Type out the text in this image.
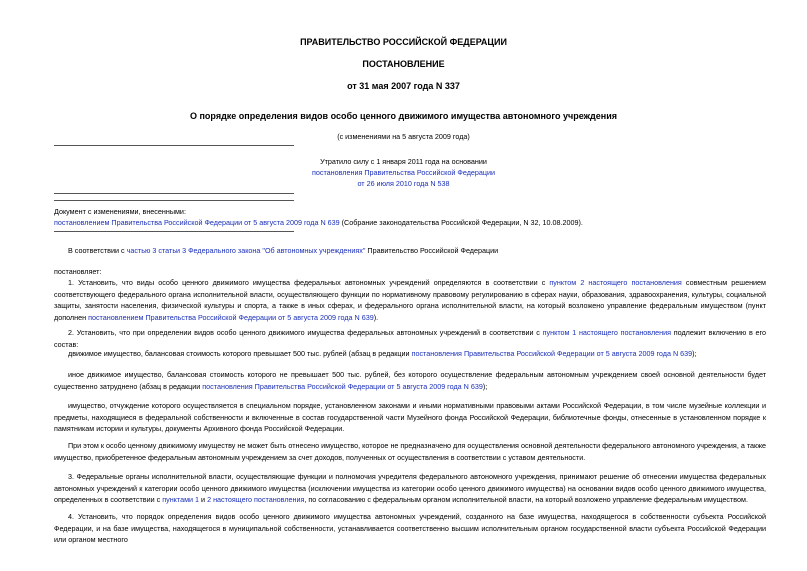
ПРАВИТЕЛЬСТВО РОССИЙСКОЙ ФЕДЕРАЦИИ
ПОСТАНОВЛЕНИЕ
от 31 мая 2007 года N 337
О порядке определения видов особо ценного движимого имущества автономного учреждения
(с изменениями на 5 августа 2009 года)
Утратило силу с 1 января 2011 года на основании
постановления Правительства Российской Федерации
от 26 июля 2010 года N 538
Документ с изменениями, внесенными:
постановлением Правительства Российской Федерации от 5 августа 2009 года N 639 (Собрание законодательства Российской Федерации, N 32, 10.08.2009).
В соответствии с частью 3 статьи 3 Федерального закона "Об автономных учреждениях" Правительство Российской Федерации
постановляет:

1. Установить, что виды особо ценного движимого имущества федеральных автономных учреждений определяются в соответствии с пунктом 2 настоящего постановления совместным решением соответствующего федерального органа исполнительной власти, осуществляющего функции по нормативному правовому регулированию в сферах науки, образования, здравоохранения, культуры, социальной защиты, занятости населения, физической культуры и спорта, а также в иных сферах, и федерального органа исполнительной власти, на который возложено управление федеральным имуществом (пункт дополнен постановлением Правительства Российской Федерации от 5 августа 2009 года N 639).

2. Установить, что при определении видов особо ценного движимого имущества федеральных автономных учреждений в соответствии с пунктом 1 настоящего постановления подлежит включению в его состав:

движимое имущество, балансовая стоимость которого превышает 500 тыс. рублей (абзац в редакции постановления Правительства Российской Федерации от 5 августа 2009 года N 639);

иное движимое имущество, балансовая стоимость которого не превышает 500 тыс. рублей, без которого осуществление федеральным автономным учреждением своей основной деятельности будет существенно затруднено (абзац в редакции постановления Правительства Российской Федерации от 5 августа 2009 года N 639);

имущество, отчуждение которого осуществляется в специальном порядке, установленном законами и иными нормативными правовыми актами Российской Федерации, в том числе музейные коллекции и предметы, находящиеся в федеральной собственности и включенные в состав государственной части Музейного фонда Российской Федерации, библиотечные фонды, отнесенные в установленном порядке к памятникам истории и культуры, документы Архивного фонда Российской Федерации.

При этом к особо ценному движимому имуществу не может быть отнесено имущество, которое не предназначено для осуществления основной деятельности федерального автономного учреждения, а также имущество, приобретенное федеральным автономным учреждением за счет доходов, полученных от осуществления в соответствии с уставом деятельности.

3. Федеральные органы исполнительной власти, осуществляющие функции и полномочия учредителя федерального автономного учреждения, принимают решение об отнесении имущества федеральных автономных учреждений к категории особо ценного движимого имущества (исключении имущества из категории особо ценного движимого имущества) на основании видов особо ценного движимого имущества, определенных в соответствии с пунктами 1 и 2 настоящего постановления, по согласованию с федеральным органом исполнительной власти, на который возложено управление федеральным имуществом.

4. Установить, что порядок определения видов особо ценного движимого имущества автономных учреждений, созданного на базе имущества, находящегося в собственности субъекта Российской Федерации, и на базе имущества, находящегося в муниципальной собственности, устанавливается соответственно высшим исполнительным органом государственной власти субъекта Российской Федерации или органом местного
